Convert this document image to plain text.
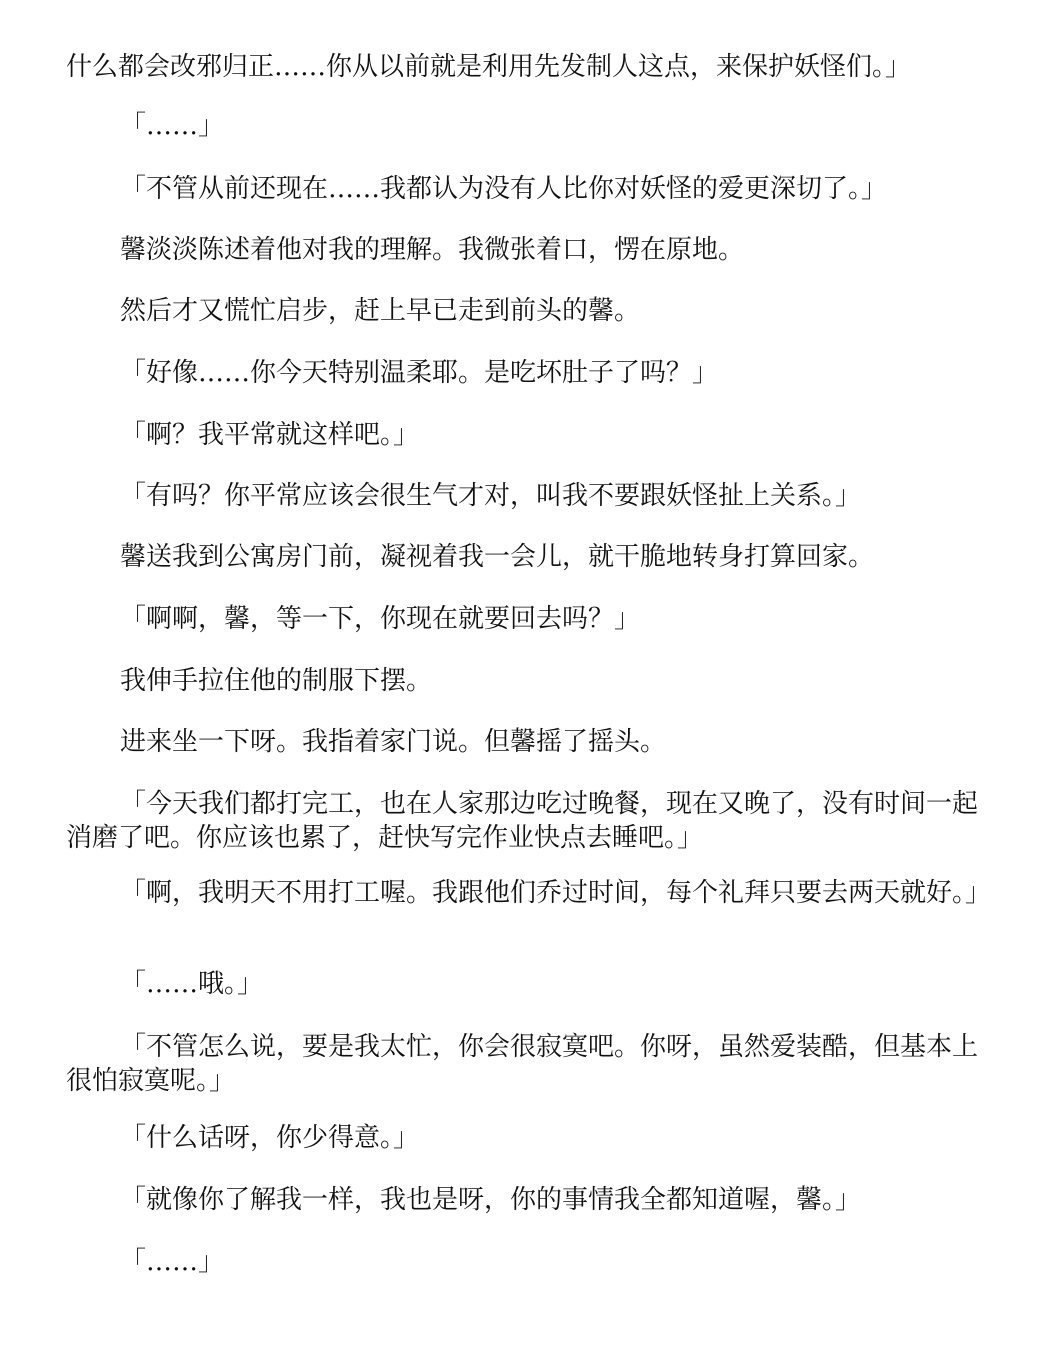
什么都会改邪归正……你从以前就是利用先发制人这点，来保护妖怪们。」

「……」

「不管从前还现在……我都认为没有人比你对妖怪的爱更深切了。」

馨淡淡陈述着他对我的理解。我微张着口，愣在原地。

然后才又慌忙启步，赶上早已走到前头的馨。

「好像……你今天特别温柔耶。是吃坏肚子了吗？」

「啊？我平常就这样吧。」

「有吗？你平常应该会很生气才对，叫我不要跟妖怪扯上关系。」

馨送我到公寓房门前，凝视着我一会儿，就干脆地转身打算回家。

「啊啊，馨，等一下，你现在就要回去吗？」

我伸手拉住他的制服下摆。

进来坐一下呀。我指着家门说。但馨摇了摇头。

「今天我们都打完工，也在人家那边吃过晚餐，现在又晚了，没有时间一起消磨了吧。你应该也累了，赶快写完作业快点去睡吧。」

「啊，我明天不用打工喔。我跟他们乔过时间，每个礼拜只要去两天就好。」

「……哦。」

「不管怎么说，要是我太忙，你会很寂寞吧。你呀，虽然爱装酷，但基本上很怕寂寞呢。」

「什么话呀，你少得意。」

「就像你了解我一样，我也是呀，你的事情我全都知道喔，馨。」

「……」
